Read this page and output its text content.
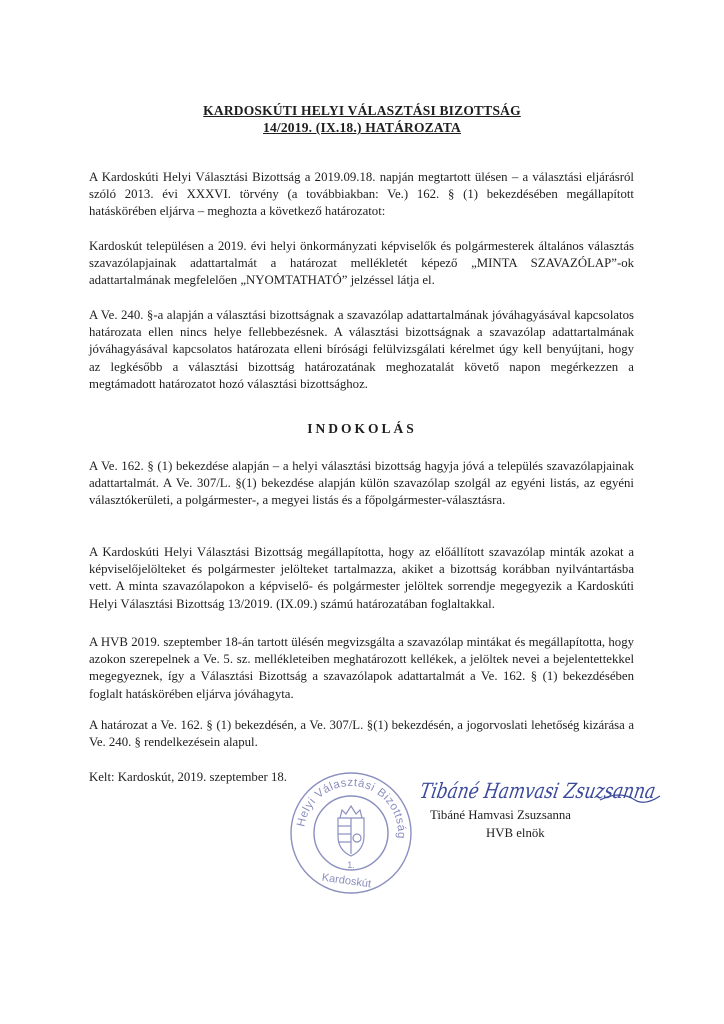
KARDOSKÚTI HELYI VÁLASZTÁSI BIZOTTSÁG
14/2019. (IX.18.) HATÁROZATA

A Kardoskúti Helyi Választási Bizottság a 2019.09.18. napján megtartott ülésen – a választási eljárásról szóló 2013. évi XXXVI. törvény (a továbbiakban: Ve.) 162. § (1) bekezdésében megállapított hatáskörében eljárva – meghozta a következő határozatot:

Kardoskút településen a 2019. évi helyi önkormányzati képviselők és polgármesterek általános választás szavazólapjainak adattartalmát a határozat mellékletét képező „MINTA SZAVAZÓLAP”-ok adattartalmának megfelelően „NYOMTATHATÓ” jelzéssel látja el.

A Ve. 240. §-a alapján a választási bizottságnak a szavazólap adattartalmának jóváhagyásával kapcsolatos határozata ellen nincs helye fellebbezésnek. A választási bizottságnak a szavazólap adattartalmának jóváhagyásával kapcsolatos határozata elleni bírósági felülvizsgálati kérelmet úgy kell benyújtani, hogy az legkésőbb a választási bizottság határozatának meghozatalát követő napon megérkezzen a megtámadott határozatot hozó választási bizottsághoz.

INDOKOLÁS

A Ve. 162. § (1) bekezdése alapján – a helyi választási bizottság hagyja jóvá a település szavazólapjainak adattartalmát. A Ve. 307/L. §(1) bekezdése alapján külön szavazólap szolgál az egyéni listás, az egyéni választókerületi, a polgármester-, a megyei listás és a főpolgármester-választásra.

A Kardoskúti Helyi Választási Bizottság megállapította, hogy az előállított szavazólap minták azokat a képviselőjelölteket és polgármester jelölteket tartalmazza, akiket a bizottság korábban nyilvántartásba vett. A minta szavazólapokon a képviselő- és polgármester jelöltek sorrendje megegyezik a Kardoskúti Helyi Választási Bizottság 13/2019. (IX.09.) számú határozatában foglaltakkal.

A HVB 2019. szeptember 18-án tartott ülésén megvizsgálta a szavazólap mintákat és megállapította, hogy azokon szerepelnek a Ve. 5. sz. mellékleteiben meghatározott kellékek, a jelöltek nevei a bejelentettekkel megegyeznek, így a Választási Bizottság a szavazólapok adattartalmát a Ve. 162. § (1) bekezdésében foglalt hatáskörében eljárva jóváhagyta.

A határozat a Ve. 162. § (1) bekezdésén, a Ve. 307/L. §(1) bekezdésén, a jogorvoslati lehetőség kizárása a Ve. 240. § rendelkezésein alapul.

Kelt: Kardoskút, 2019. szeptember 18.
Helyi Választási Bizottság
1.
Kardoskút
Tibáné Hamvasi Zsuzsanna
Tibáné Hamvasi Zsuzsanna
HVB elnök
